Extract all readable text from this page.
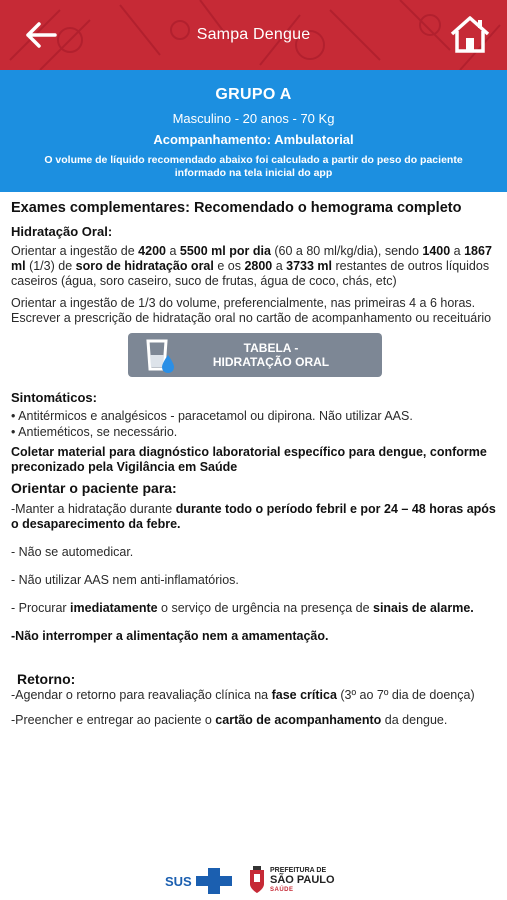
Sampa Dengue
GRUPO A
Masculino - 20 anos - 70 Kg
Acompanhamento: Ambulatorial
O volume de líquido recomendado abaixo foi calculado a partir do peso do paciente informado na tela inicial do app
Exames complementares: Recomendado o hemograma completo
Hidratação Oral:
Orientar a ingestão de 4200 a 5500 ml por dia (60 a 80 ml/kg/dia), sendo 1400 a 1867 ml (1/3) de soro de hidratação oral e os 2800 a 3733 ml restantes de outros líquidos caseiros (água, soro caseiro, suco de frutas, água de coco, chás, etc)
Orientar a ingestão de 1/3 do volume, preferencialmente, nas primeiras 4 a 6 horas. Escrever a prescrição de hidratação oral no cartão de acompanhamento ou receituário
TABELA -
HIDRATAÇÃO ORAL
Sintomáticos:
• Antitérmicos e analgésicos - paracetamol ou dipirona. Não utilizar AAS.
• Antieméticos, se necessário.
Coletar material para diagnóstico laboratorial específico para dengue, conforme preconizado pela Vigilância em Saúde
Orientar o paciente para:
-Manter a hidratação durante durante todo o período febril e por 24 – 48 horas após o desaparecimento da febre.
- Não se automedicar.
- Não utilizar AAS nem anti-inflamatórios.
- Procurar imediatamente o serviço de urgência na presença de sinais de alarme.
-Não interromper a alimentação nem a amamentação.
Retorno:
-Agendar o retorno para reavaliação clínica na fase crítica (3º ao 7º dia de doença)
-Preencher e entregar ao paciente o cartão de acompanhamento da dengue.
SUS
PREFEITURA DE
SÃO PAULO
SAÚDE
